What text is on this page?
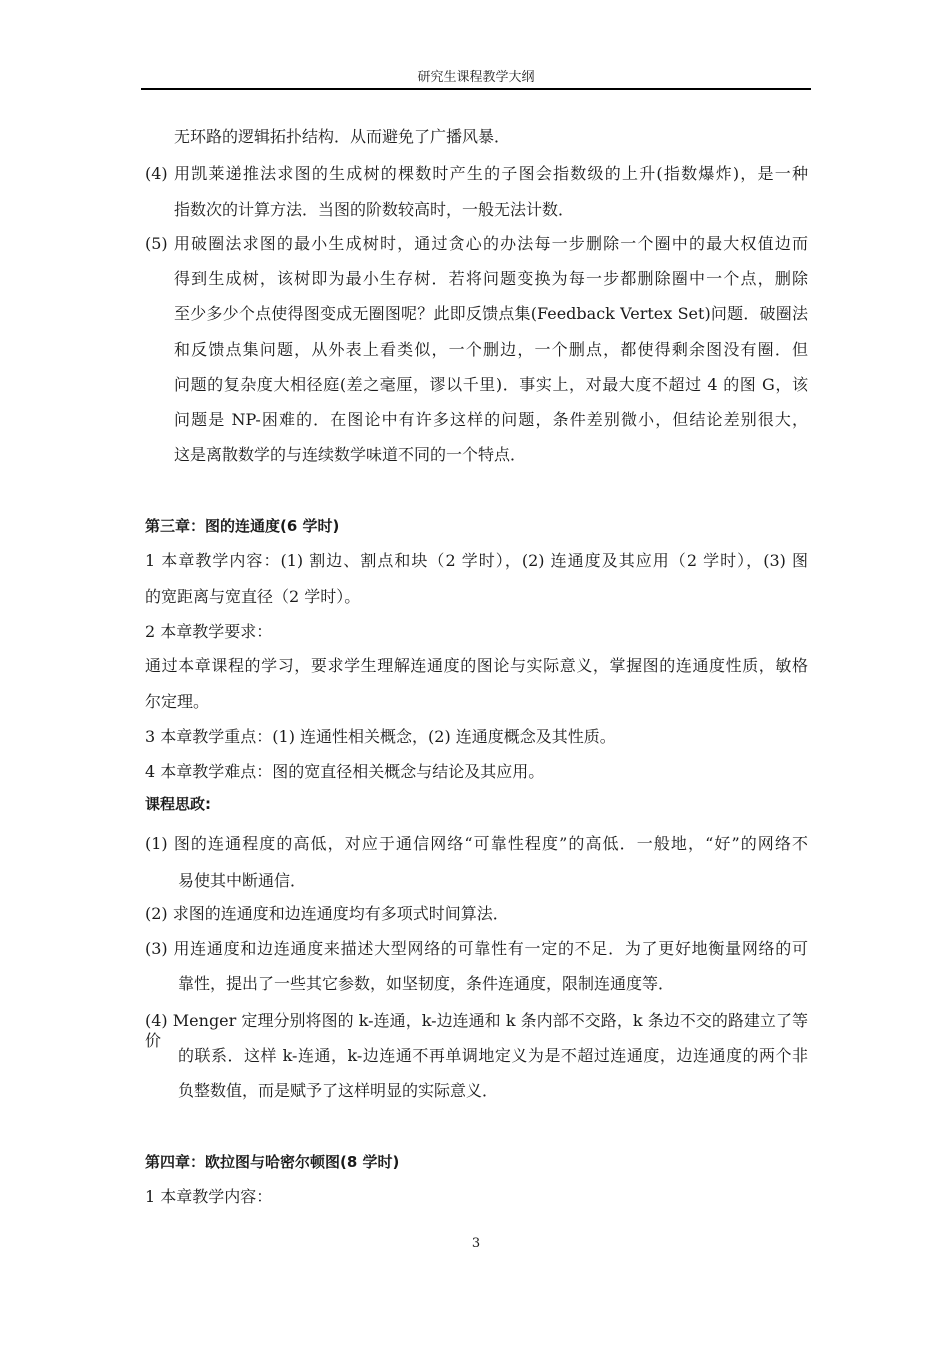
研究生课程教学大纲
无环路的逻辑拓扑结构．从而避免了广播风暴．
(4) 用凯莱递推法求图的生成树的棵数时产生的子图会指数级的上升(指数爆炸)，是一种
指数次的计算方法．当图的阶数较高时，一般无法计数．
(5) 用破圈法求图的最小生成树时，通过贪心的办法每一步删除一个圈中的最大权值边而
得到生成树，该树即为最小生存树．若将问题变换为每一步都删除圈中一个点，删除
至少多少个点使得图变成无圈图呢？此即反馈点集(Feedback Vertex Set)问题．破圈法
和反馈点集问题，从外表上看类似，一个删边，一个删点，都使得剩余图没有圈．但
问题的复杂度大相径庭(差之毫厘，谬以千里)．事实上，对最大度不超过 4 的图 G，该
问题是 NP-困难的．在图论中有许多这样的问题，条件差别微小，但结论差别很大，
这是离散数学的与连续数学味道不同的一个特点．
第三章：图的连通度(6 学时)
1 本章教学内容：(1) 割边、割点和块（2 学时），(2) 连通度及其应用（2 学时），(3) 图
的宽距离与宽直径（2 学时）。
2 本章教学要求：
通过本章课程的学习，要求学生理解连通度的图论与实际意义，掌握图的连通度性质，敏格
尔定理。
3 本章教学重点：(1) 连通性相关概念，(2) 连通度概念及其性质。
4 本章教学难点：图的宽直径相关概念与结论及其应用。
课程思政:
(1) 图的连通程度的高低，对应于通信网络“可靠性程度”的高低．一般地，“好”的网络不
易使其中断通信．
(2) 求图的连通度和边连通度均有多项式时间算法．
(3) 用连通度和边连通度来描述大型网络的可靠性有一定的不足．为了更好地衡量网络的可
靠性，提出了一些其它参数，如坚韧度，条件连通度，限制连通度等．
(4) Menger 定理分别将图的 k-连通，k-边连通和 k 条内部不交路，k 条边不交的路建立了等价
的联系．这样 k-连通，k-边连通不再单调地定义为是不超过连通度，边连通度的两个非
负整数值，而是赋予了这样明显的实际意义．
第四章：欧拉图与哈密尔顿图(8 学时)
1 本章教学内容：
3
